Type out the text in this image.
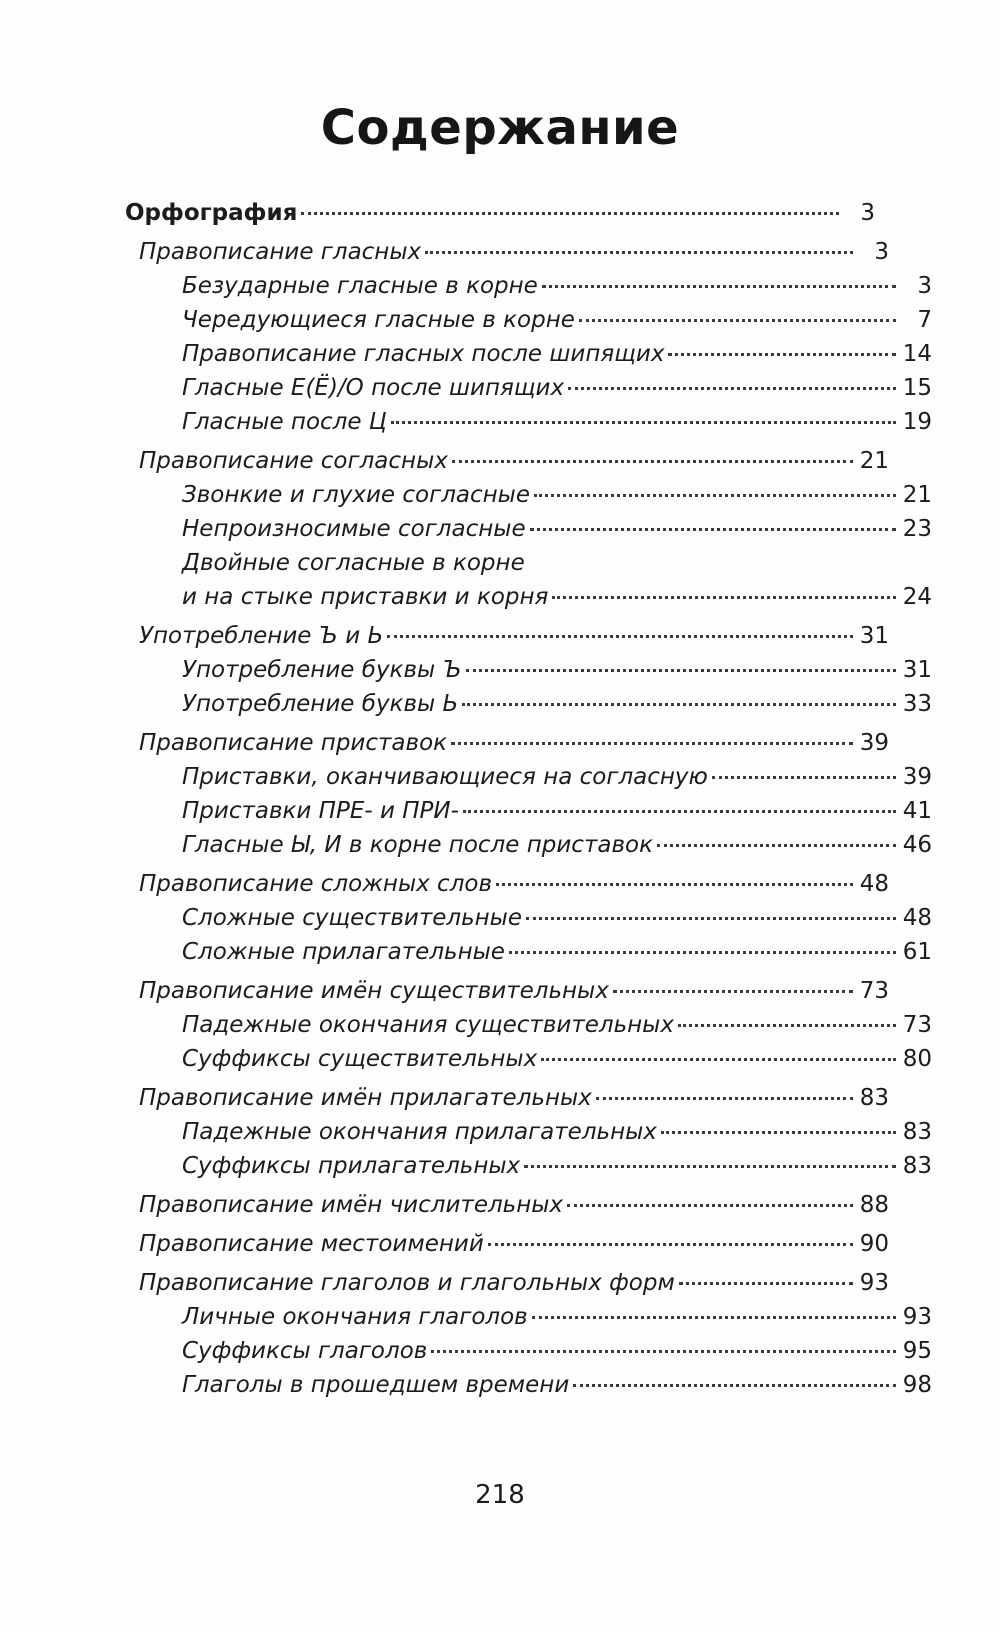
Содержание
Орфография	3
Правописание гласных	3
Безударные гласные в корне	3
Чередующиеся гласные в корне	7
Правописание гласных после шипящих	14
Гласные Е(Ё)/О после шипящих	15
Гласные после Ц	19
Правописание согласных	21
Звонкие и глухие согласные	21
Непроизносимые согласные	23
Двойные согласные в корне
и на стыке приставки и корня	24
Употребление Ъ и Ь	31
Употребление буквы Ъ	31
Употребление буквы Ь	33
Правописание приставок	39
Приставки, оканчивающиеся на согласную	39
Приставки ПРЕ- и ПРИ-	41
Гласные Ы, И в корне после приставок	46
Правописание сложных слов	48
Сложные существительные	48
Сложные прилагательные	61
Правописание имён существительных	73
Падежные окончания существительных	73
Суффиксы существительных	80
Правописание имён прилагательных	83
Падежные окончания прилагательных	83
Суффиксы прилагательных	83
Правописание имён числительных	88
Правописание местоимений	90
Правописание глаголов и глагольных форм	93
Личные окончания глаголов	93
Суффиксы глаголов	95
Глаголы в прошедшем времени	98
218
